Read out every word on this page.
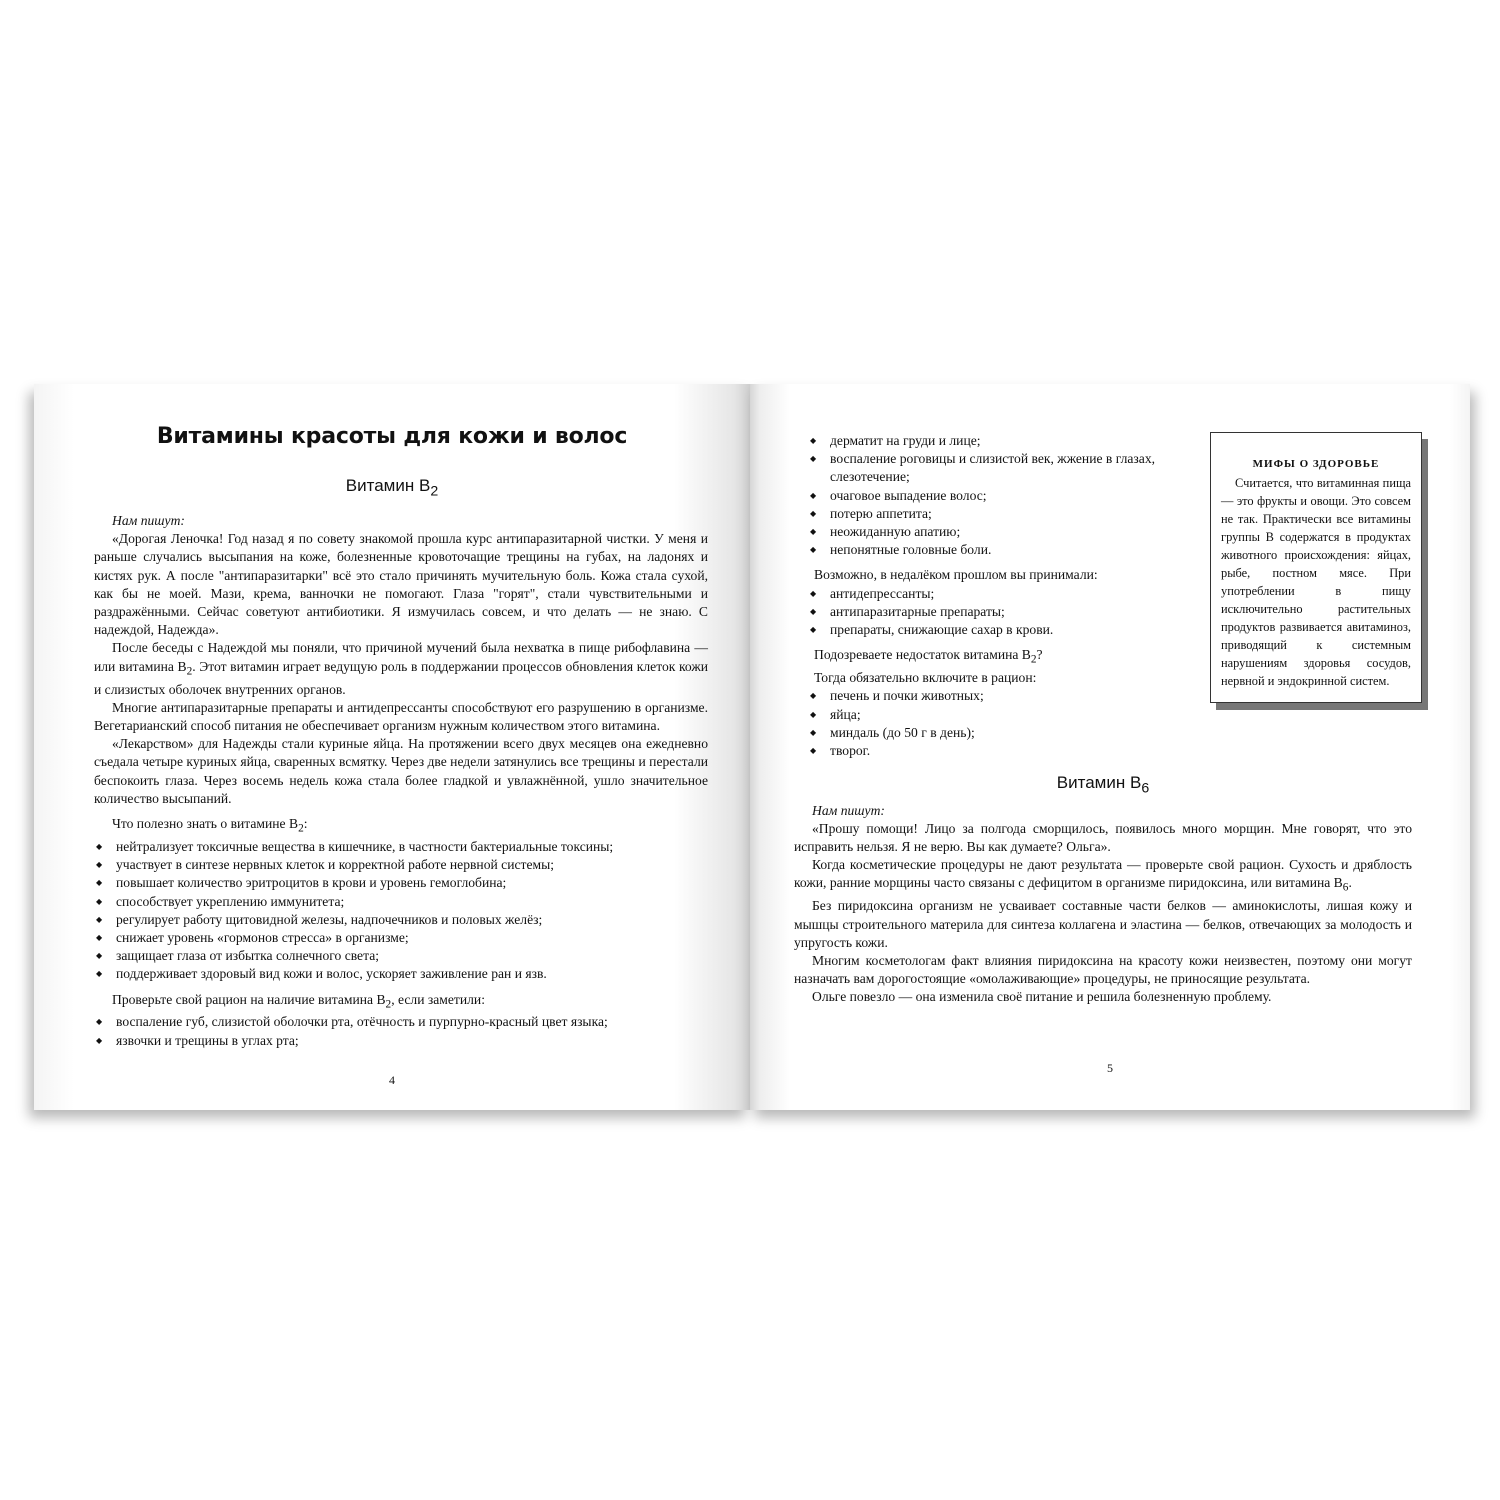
Витамины красоты для кожи и волос
Витамин $B_2$

Нам пишут:

«Дорогая Леночка! Год назад я по совету знакомой прошла курс антипаразитарной чистки. У меня и раньше случались высыпания на коже, болезненные кровоточащие трещины на губах, на ладонях и кистях рук. А после "антипаразитарки" всё это стало причинять мучительную боль. Кожа стала сухой, как бы не моей. Мази, крема, ванночки не помогают. Глаза "горят", стали чувствительными и раздражёнными. Сейчас советуют антибиотики. Я измучилась совсем, и что делать — не знаю. С надеждой, Надежда».

После беседы с Надеждой мы поняли, что причиной мучений была нехватка в пище рибофлавина — или витамина $B_2$. Этот витамин играет ведущую роль в поддержании процессов обновления клеток кожи и слизистых оболочек внутренних органов.

Многие антипаразитарные препараты и антидепрессанты способствуют его разрушению в организме. Вегетарианский способ питания не обеспечивает организм нужным количеством этого витамина.

«Лекарством» для Надежды стали куриные яйца. На протяжении всего двух месяцев она ежедневно съедала четыре куриных яйца, сваренных всмятку. Через две недели затянулись все трещины и перестали беспокоить глаза. Через восемь недель кожа стала более гладкой и увлажнённой, ушло значительное количество высыпаний.

Что полезно знать о витамине $B_2$:

◆ нейтрализует токсичные вещества в кишечнике, в частности бактериальные токсины;
◆ участвует в синтезе нервных клеток и корректной работе нервной системы;
◆ повышает количество эритроцитов в крови и уровень гемоглобина;
◆ способствует укреплению иммунитета;
◆ регулирует работу щитовидной железы, надпочечников и половых желёз;
◆ снижает уровень «гормонов стресса» в организме;
◆ защищает глаза от избытка солнечного света;
◆ поддерживает здоровый вид кожи и волос, ускоряет заживление ран и язв.

Проверьте свой рацион на наличие витамина $B_2$, если заметили:

◆ воспаление губ, слизистой оболочки рта, отёчность и пурпурно-красный цвет языка;
◆ язвочки и трещины в углах рта;
4
◆ дерматит на груди и лице;
◆ воспаление роговицы и слизистой век, жжение в глазах, слезотечение;
◆ очаговое выпадение волос;
◆ потерю аппетита;
◆ неожиданную апатию;
◆ непонятные головные боли.

Возможно, в недалёком прошлом вы принимали:

◆ антидепрессанты;
◆ антипаразитарные препараты;
◆ препараты, снижающие сахар в крови.

Подозреваете недостаток витамина $B_2$?

Тогда обязательно включите в рацион:

◆ печень и почки животных;
◆ яйца;
◆ миндаль (до 50 г в день);
◆ творог.
МИФЫ О ЗДОРОВЬЕ

Считается, что витаминная пища — это фрукты и овощи. Это совсем не так. Практически все витамины группы B содержатся в продуктах животного происхождения: яйцах, рыбе, постном мясе. При употреблении в пищу исключительно растительных продуктов развивается авитаминоз, приводящий к системным нарушениям здоровья сосудов, нервной и эндокринной систем.

Витамин $B_6$

Нам пишут:

«Прошу помощи! Лицо за полгода сморщилось, появилось много морщин. Мне говорят, что это исправить нельзя. Я не верю. Вы как думаете? Ольга».

Когда косметические процедуры не дают результата — проверьте свой рацион. Сухость и дряблость кожи, ранние морщины часто связаны с дефицитом в организме пиридоксина, или витамина $B_6$.

Без пиридоксина организм не усваивает составные части белков — аминокислоты, лишая кожу и мышцы строительного материла для синтеза коллагена и эластина — белков, отвечающих за молодость и упругость кожи.

Многим косметологам факт влияния пиридоксина на красоту кожи неизвестен, поэтому они могут назначать вам дорогостоящие «омолаживающие» процедуры, не приносящие результата.

Ольге повезло — она изменила своё питание и решила болезненную проблему.

5
